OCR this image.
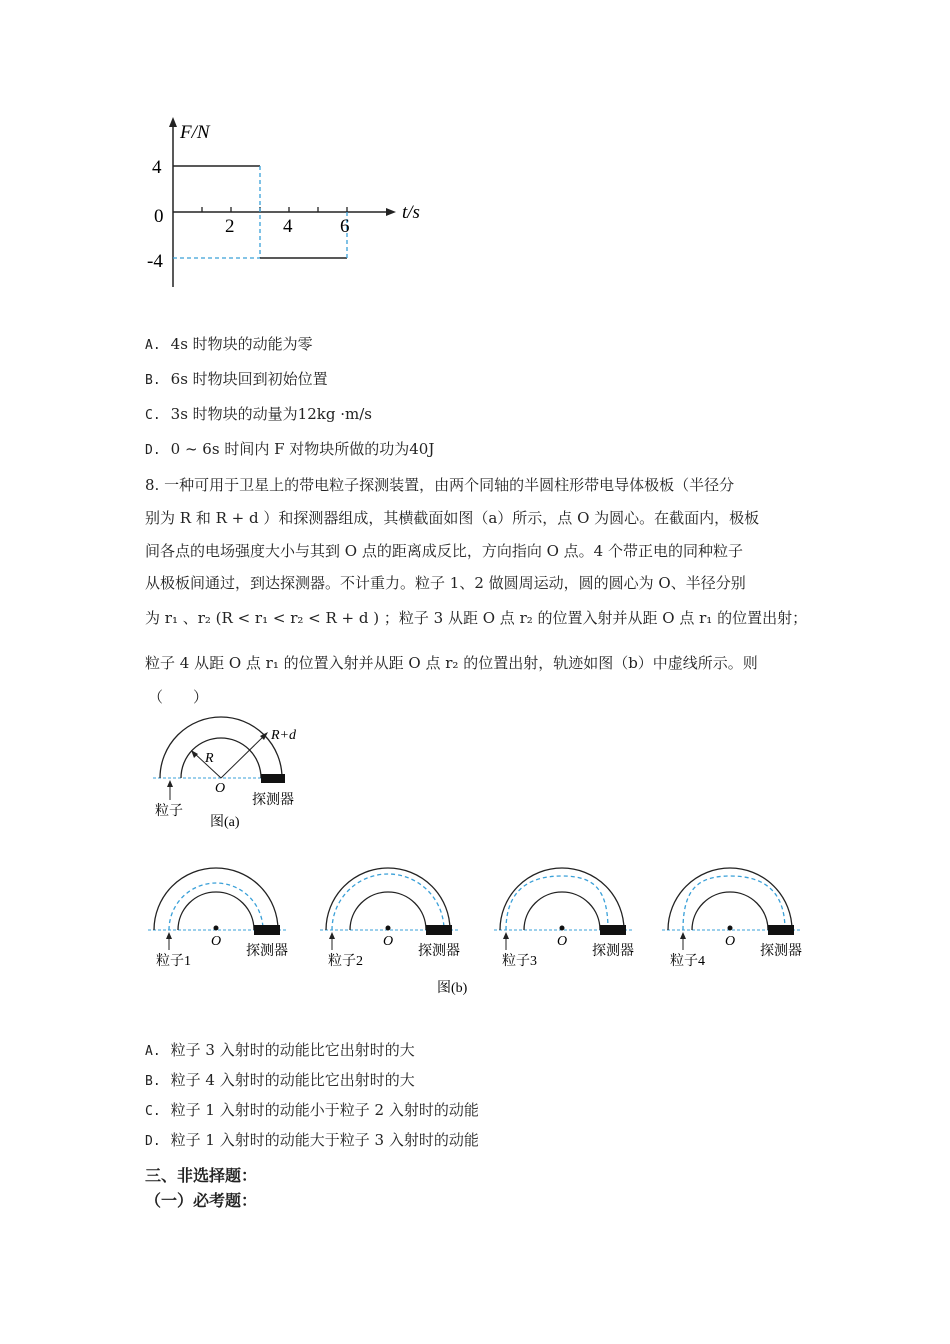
F/N
t/s
4
0
-4
2	4	6
A. 4s 时物块的动能为零
B. 6s 时物块回到初始位置
C. 3s 时物块的动量为12kg ·m/s
D. 0 ~ 6s 时间内 F 对物块所做的功为40J
8. 一种可用于卫星上的带电粒子探测装置，由两个同轴的半圆柱形带电导体极板（半径分
别为 R 和 R + d ）和探测器组成，其横截面如图（a）所示，点 O 为圆心。在截面内，极板
间各点的电场强度大小与其到 O 点的距离成反比，方向指向 O 点。4 个带正电的同种粒子
从极板间通过，到达探测器。不计重力。粒子 1、2 做圆周运动，圆的圆心为 O、半径分别
为 r₁ 、r₂ (R < r₁ < r₂ < R + d ) ；粒子 3 从距 O 点 r₂ 的位置入射并从距 O 点 r₁ 的位置出射；
粒子 4 从距 O 点 r₁ 的位置入射并从距 O 点 r₂ 的位置出射，轨迹如图（b）中虚线所示。则
（　　）
R+d
R
O
粒子
探测器
图(a)
O
探测器
粒子1
O
探测器
粒子2
O
探测器
粒子3
O
探测器
粒子4
图(b)
A. 粒子 3 入射时的动能比它出射时的大
B. 粒子 4 入射时的动能比它出射时的大
C. 粒子 1 入射时的动能小于粒子 2 入射时的动能
D. 粒子 1 入射时的动能大于粒子 3 入射时的动能
三、非选择题：
（一）必考题：
